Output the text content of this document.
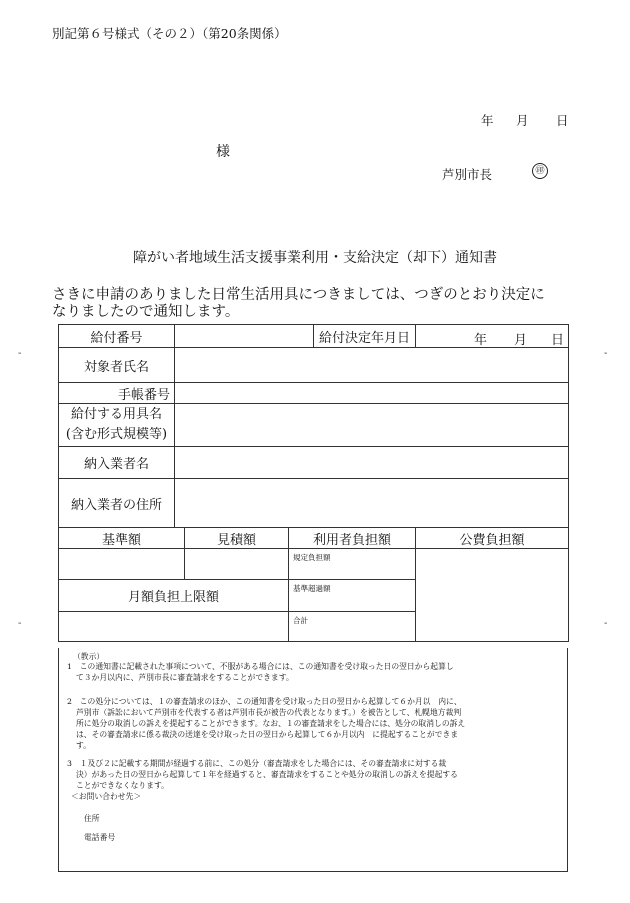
別記第６号様式（その２）（第20条関係）
年 月 日
様
芦別市長	㊞
障がい者地域生活支援事業利用・支給決定（却下）通知書
さきに申請のありました日常生活用具につきましては、つぎのとおり決定に
なりましたので通知します。
-	-
-	-
給付番号				給付決定年月日	年 月 日

対象者氏名					
手帳番号					

給付する用具名
(含む形式規模等)					

納入業者名					
納入業者の住所					
基準額		見積額	利用者負担額		公費負担額
			規定負担額		
月額負担上限額			基準超過額		
			合計		
（教示）
1　この通知書に記載された事項について、不服がある場合には、この通知書を受け取った日の翌日から起算し
て３か月以内に、芦別市長に審査請求をすることができます。
2　この処分については、１の審査請求のほか、この通知書を受け取った日の翌日から起算して６か月以　内に、
芦別市（訴訟において芦別市を代表する者は芦別市長が被告の代表となります。）を被告として、札幌地方裁判
所に処分の取消しの訴えを提起することができます。なお、１の審査請求をした場合には、処分の取消しの訴え
は、その審査請求に係る裁決の送達を受け取った日の翌日から起算して６か月以内　に提起することができま
す。
3　１及び２に記載する期間が経過する前に、この処分（審査請求をした場合には、その審査請求に対する裁
決）があった日の翌日から起算して１年を経過すると、審査請求をすることや処分の取消しの訴えを提起する
ことができなくなります。
＜お問い合わせ先＞
住所
電話番号
